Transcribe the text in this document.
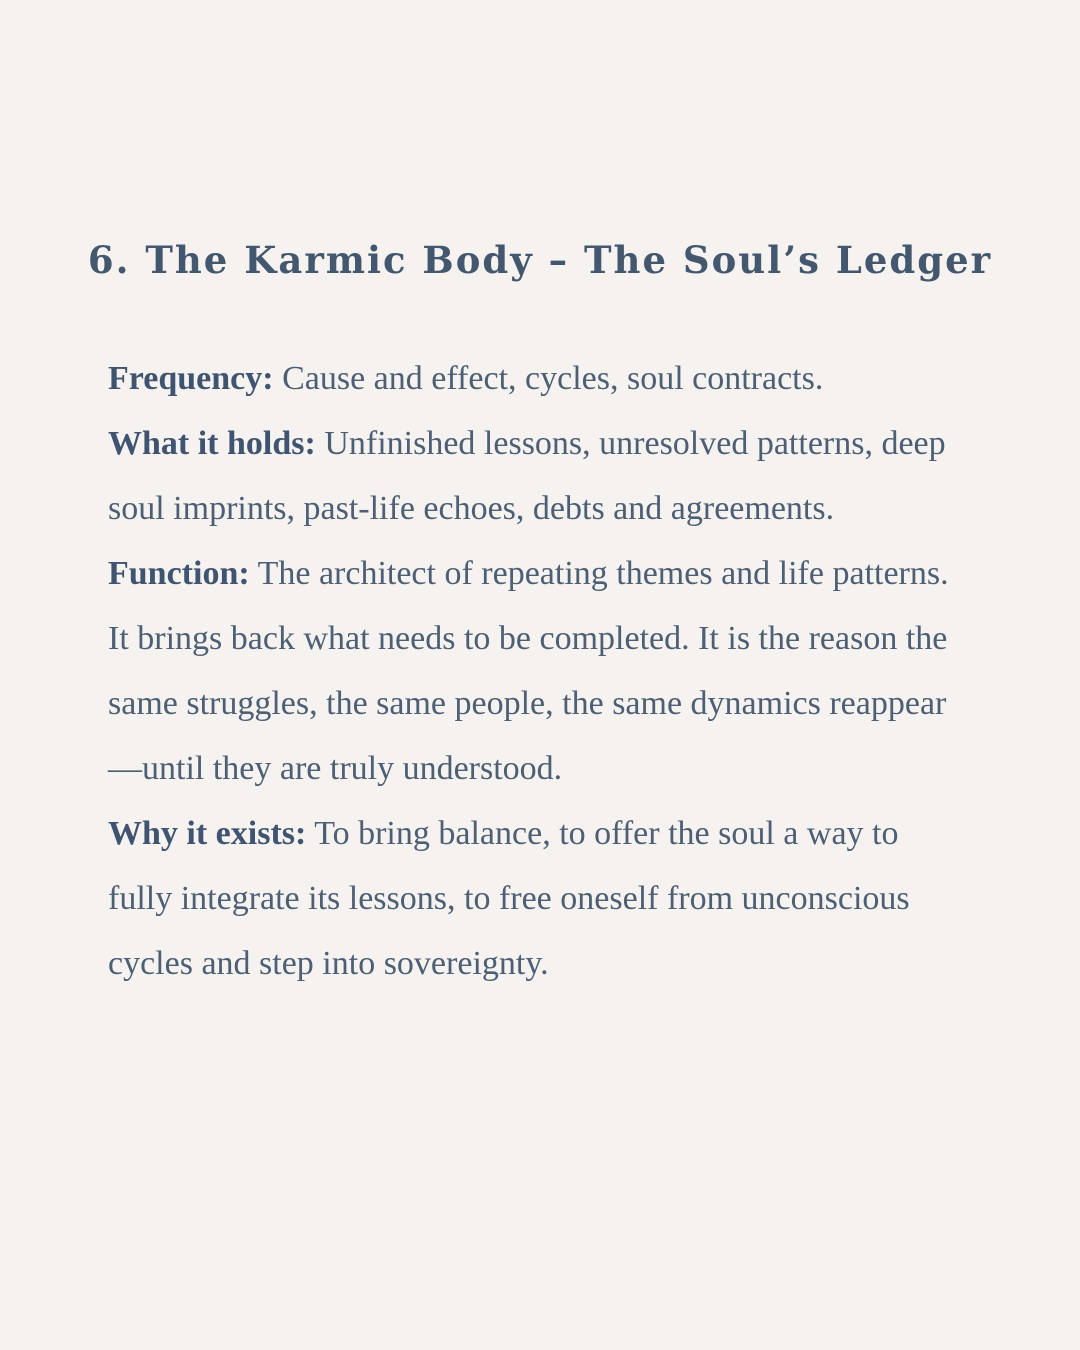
6. The Karmic Body – The Soul’s Ledger

Frequency: Cause and effect, cycles, soul contracts.

What it holds: Unfinished lessons, unresolved patterns, deep soul imprints, past-life echoes, debts and agreements.

Function: The architect of repeating themes and life patterns. It brings back what needs to be completed. It is the reason the same struggles, the same people, the same dynamics reappear—until they are truly understood.

Why it exists: To bring balance, to offer the soul a way to fully integrate its lessons, to free oneself from unconscious cycles and step into sovereignty.
